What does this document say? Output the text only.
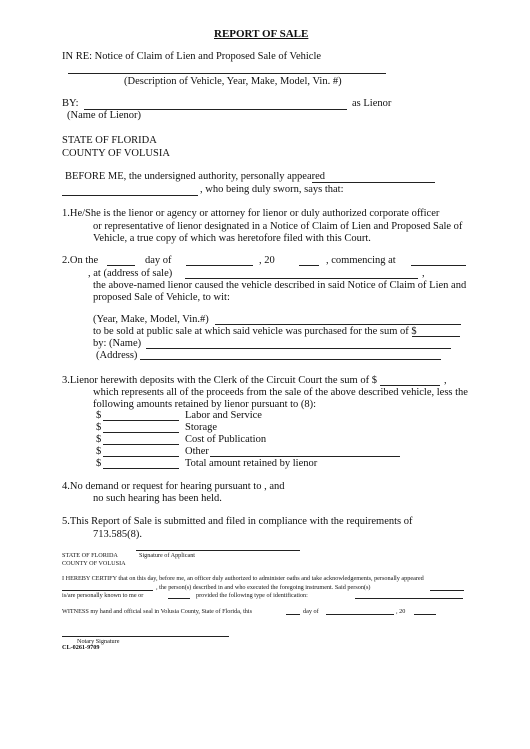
REPORT OF SALE
IN RE: Notice of Claim of Lien and Proposed Sale of Vehicle
(Description of Vehicle, Year, Make, Model, Vin. #)
BY:	as Lienor
(Name of Lienor)
STATE OF FLORIDA
COUNTY OF VOLUSIA
BEFORE ME, the undersigned authority, personally appeared
, who being duly sworn, says that:
1.He/She is the lienor or agency or attorney for lienor or duly authorized corporate officer
or representative of lienor designated in a Notice of Claim of Lien and Proposed Sale of
Vehicle, a true copy of which was heretofore filed with this Court.
2.On the	day of	, 20	, commencing at
, at (address of sale)	,
the above-named lienor caused the vehicle described in said Notice of Claim of Lien and
proposed Sale of Vehicle, to wit:
(Year, Make, Model, Vin.#)
to be sold at public sale at which said vehicle was purchased for the sum of $
by: (Name)
(Address)
3.Lienor herewith deposits with the Clerk of the Circuit Court the sum of $	,
which represents all of the proceeds from the sale of the above described vehicle, less the
following amounts retained by lienor pursuant to (8):
$	Labor and Service
$	Storage
$	Cost of Publication
$	Other
$	Total amount retained by lienor
4.No demand or request for hearing pursuant to , and
no such hearing has been held.
5.This Report of Sale is submitted and filed in compliance with the requirements of
713.585(8).
STATE OF FLORIDA	Signature of Applicant
COUNTY OF VOLUSIA
I HEREBY CERTIFY that on this day, before me, an officer duly authorized to administer oaths and take acknowledgements, personally appeared
, the person(s) described in and who executed the foregoing instrument. Said person(s)
is/are personally known to me or	provided the following type of identification:
WITNESS my hand and official seal in Volusia County, State of Florida, this	day of	, 20
Notary Signature
CL-0261-9709
